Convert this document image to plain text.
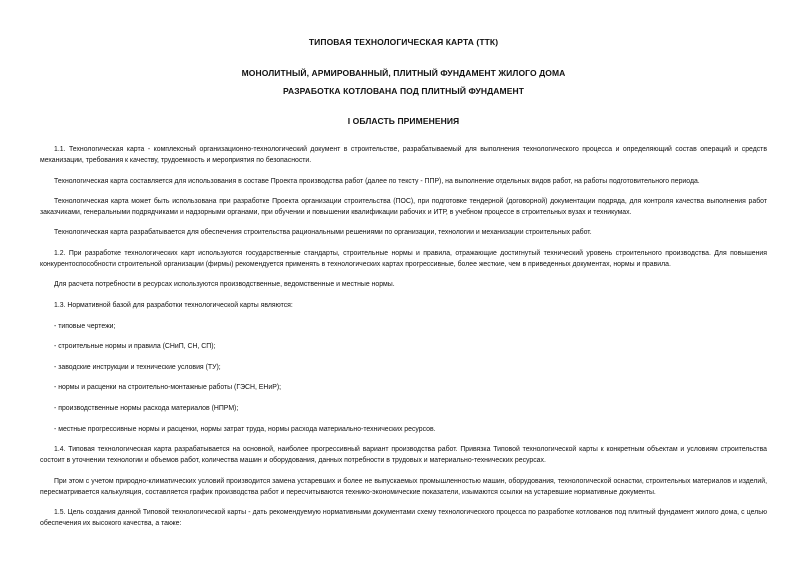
ТИПОВАЯ ТЕХНОЛОГИЧЕСКАЯ КАРТА (ТТК)
МОНОЛИТНЫЙ, АРМИРОВАННЫЙ, ПЛИТНЫЙ ФУНДАМЕНТ ЖИЛОГО ДОМА
РАЗРАБОТКА КОТЛОВАНА ПОД ПЛИТНЫЙ ФУНДАМЕНТ
I ОБЛАСТЬ ПРИМЕНЕНИЯ

1.1. Технологическая карта - комплексный организационно-технологический документ в строительстве, разрабатываемый для выполнения технологического процесса и определяющий состав операций и средств механизации, требования к качеству, трудоемкость и мероприятия по безопасности.

Технологическая карта составляется для использования в составе Проекта производства работ (далее по тексту - ППР), на выполнение отдельных видов работ, на работы подготовительного периода.

Технологическая карта может быть использована при разработке Проекта организации строительства (ПОС), при подготовке тендерной (договорной) документации подряда, для контроля качества выполнения работ заказчиками, генеральными подрядчиками и надзорными органами, при обучении и повышении квалификации рабочих и ИТР, в учебном процессе в строительных вузах и техникумах.

Технологическая карта разрабатывается для обеспечения строительства рациональными решениями по организации, технологии и механизации строительных работ.

1.2. При разработке технологических карт используются государственные стандарты, строительные нормы и правила, отражающие достигнутый технический уровень строительного производства. Для повышения конкурентоспособности строительной организации (фирмы) рекомендуется применять в технологических картах прогрессивные, более жесткие, чем в приведенных документах, нормы и правила.

Для расчета потребности в ресурсах используются производственные, ведомственные и местные нормы.

1.3. Нормативной базой для разработки технологической карты являются:

- типовые чертежи;

- строительные нормы и правила (СНиП, СН, СП);

- заводские инструкции и технические условия (ТУ);

- нормы и расценки на строительно-монтажные работы (ГЭСН, ЕНиР);

- производственные нормы расхода материалов (НПРМ);

- местные прогрессивные нормы и расценки, нормы затрат труда, нормы расхода материально-технических ресурсов.

1.4. Типовая технологическая карта разрабатывается на основной, наиболее прогрессивный вариант производства работ. Привязка Типовой технологической карты к конкретным объектам и условиям строительства состоит в уточнении технологии и объемов работ, количества машин и оборудования, данных потребности в трудовых и материально-технических ресурсах.

При этом с учетом природно-климатических условий производится замена устаревших и более не выпускаемых промышленностью машин, оборудования, технологической оснастки, строительных материалов и изделий, пересматривается калькуляция, составляется график производства работ и пересчитываются технико-экономические показатели, изымаются ссылки на устаревшие нормативные документы.

1.5. Цель создания данной Типовой технологической карты - дать рекомендуемую нормативными документами схему технологического процесса по разработке котлованов под плитный фундамент жилого дома, с целью обеспечения их высокого качества, а также:
